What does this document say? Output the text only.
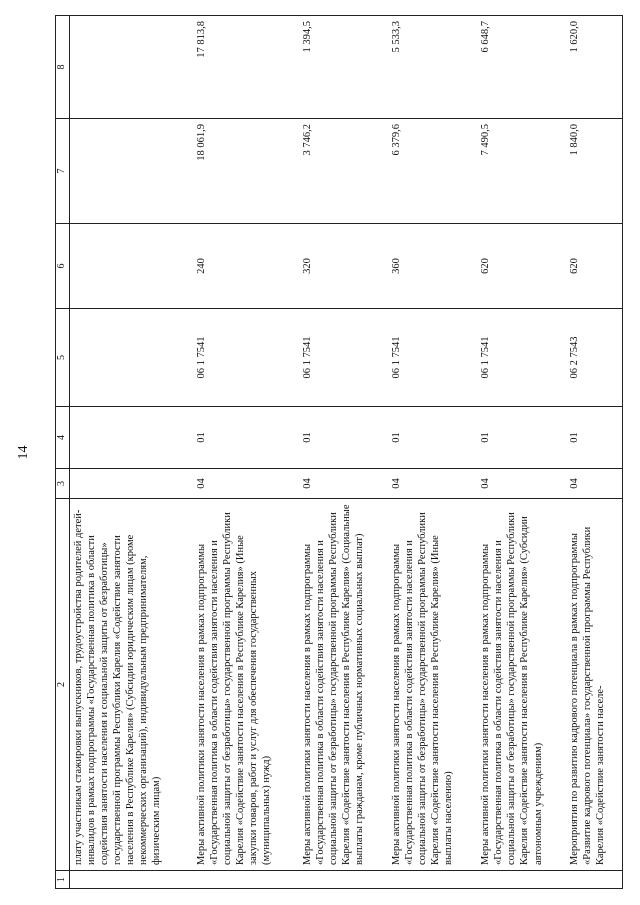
14
1	2	3	4	5	6	7	8
	плату участникам стажировки выпускников, трудоустройства родителей детей-инвалидов в рамках подпрограммы «Государственная политика в области содействия занятости населения и социальной защиты от безработицы» государственной программы Республики Карелия «Содействие занятости населения в Республике Карелия» (Субсидии юридическим лицам (кроме некоммерческих организаций), индивидуальным предпринимателям, физическим лицам)						
	Меры активной политики занятости населения в рамках подпрограммы «Государственная политика в области содействия занятости населения и социальной защиты от безработицы» государственной программы Республики Карелия «Содействие занятости населения в Республике Карелия» (Иные закупки товаров, работ и услуг для обеспечения государственных (муниципальных) нужд)	04	01	06 1 7541	240	18 061,9	17 813,8
	Меры активной политики занятости населения в рамках подпрограммы «Государственная политика в области содействия занятости населения и социальной защиты от безработицы» государственной программы Республики Карелия «Содействие занятости населения в Республике Карелия» (Социальные выплаты гражданам, кроме публичных нормативных социальных выплат)	04	01	06 1 7541	320	3 746,2	1 394,5
	Меры активной политики занятости населения в рамках подпрограммы «Государственная политика в области содействия занятости населения и социальной защиты от безработицы» государственной программы Республики Карелия «Содействие занятости населения в Республике Карелия» (Иные выплаты населению)	04	01	06 1 7541	360	6 379,6	5 533,3
	Меры активной политики занятости населения в рамках подпрограммы «Государственная политика в области содействия занятости населения и социальной защиты от безработицы» государственной программы Республики Карелия «Содействие занятости населения в Республике Карелия» (Субсидии автономным учреждениям)	04	01	06 1 7541	620	7 490,5	6 648,7
	Мероприятия по развитию кадрового потенциала в рамках подпрограммы «Развитие кадрового потенциала» государственной программы Республики Карелия «Содействие занятости населе-	04	01	06 2 7543	620	1 840,0	1 620,0
